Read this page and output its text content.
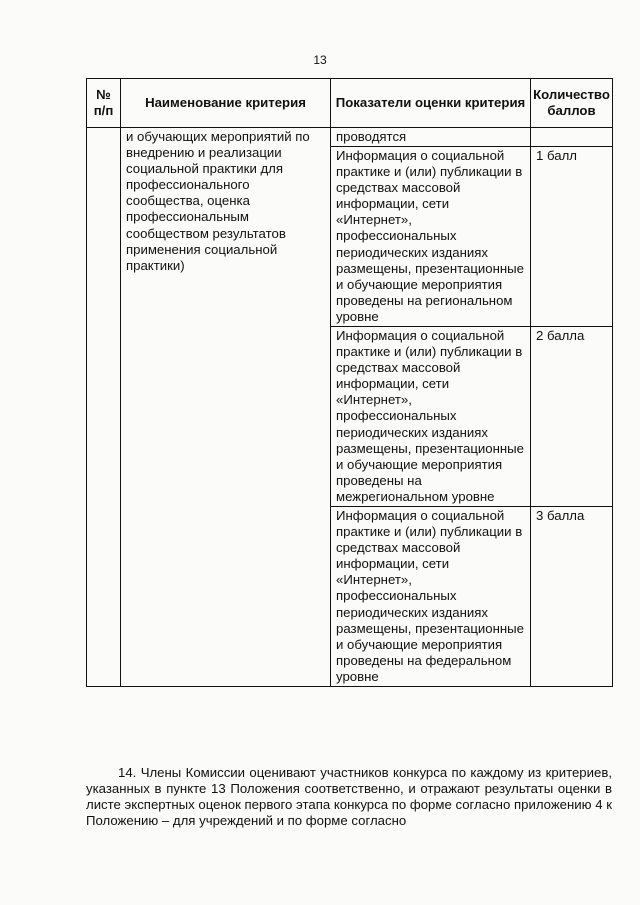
13
№ п/п	Наименование критерия	Показатели оценки критерия	Количество баллов
	и обучающих мероприятий по внедрению и реализации социальной практики для профессионального сообщества, оценка профессиональным сообществом результатов применения социальной практики)	проводятся	
		Информация о социальной практике и (или) публикации в средствах массовой информации, сети «Интернет», профессиональных периодических изданиях размещены, презентационные и обучающие мероприятия проведены на региональном уровне	1 балл
		Информация о социальной практике и (или) публикации в средствах массовой информации, сети «Интернет», профессиональных периодических изданиях размещены, презентационные и обучающие мероприятия проведены на межрегиональном уровне	2 балла
		Информация о социальной практике и (или) публикации в средствах массовой информации, сети «Интернет», профессиональных периодических изданиях размещены, презентационные и обучающие мероприятия проведены на федеральном уровне	3 балла

14. Члены Комиссии оценивают участников конкурса по каждому из критериев, указанных в пункте 13 Положения соответственно, и отражают результаты оценки в листе экспертных оценок первого этапа конкурса по форме согласно приложению 4 к Положению – для учреждений и по форме согласно
